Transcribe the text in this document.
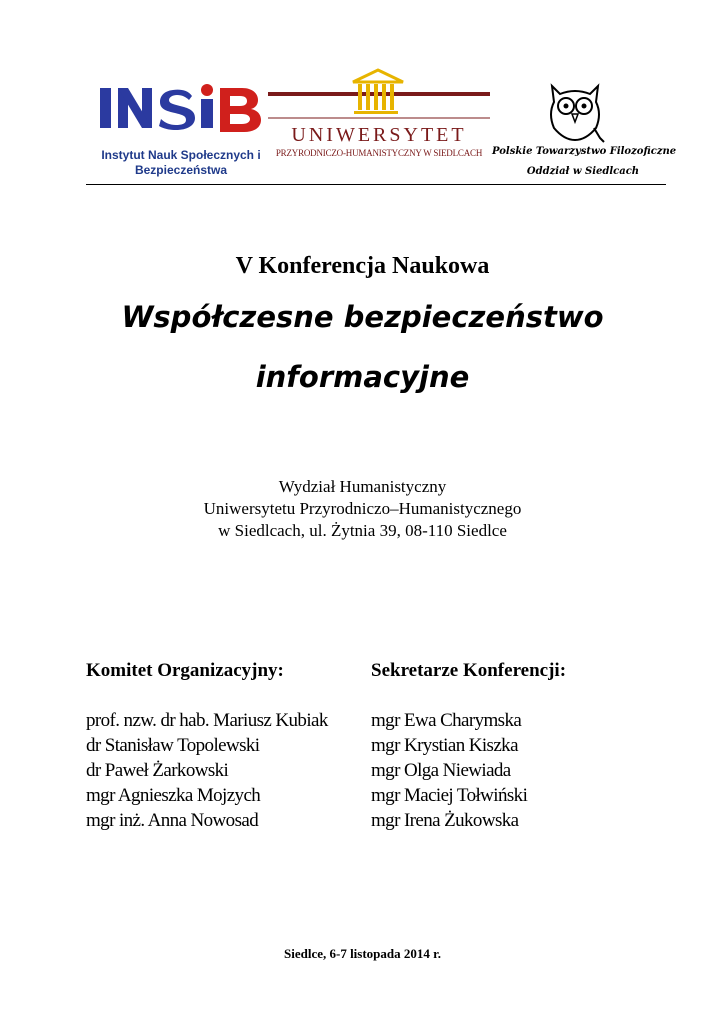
Instytut Nauk Społecznych i
Bezpieczeństwa
UNIWERSYTET
PRZYRODNICZO-HUMANISTYCZNY W SIEDLCACH Polskie Towarzystwo Filozoficzne
Oddział w Siedlcach
V Konferencja Naukowa
Współczesne bezpieczeństwo
informacyjne
Wydział Humanistyczny
Uniwersytetu Przyrodniczo–Humanistycznego
w Siedlcach, ul. Żytnia 39, 08-110 Siedlce
Komitet Organizacyjny:	Sekretarze Konferencji:
prof. nzw. dr hab. Mariusz Kubiak
dr Stanisław Topolewski
dr Paweł Żarkowski
mgr Agnieszka Mojzych
mgr inż. Anna Nowosad
mgr Ewa Charymska
mgr Krystian Kiszka
mgr Olga Niewiada
mgr Maciej Tołwiński
mgr Irena Żukowska
Siedlce, 6-7 listopada 2014 r.
